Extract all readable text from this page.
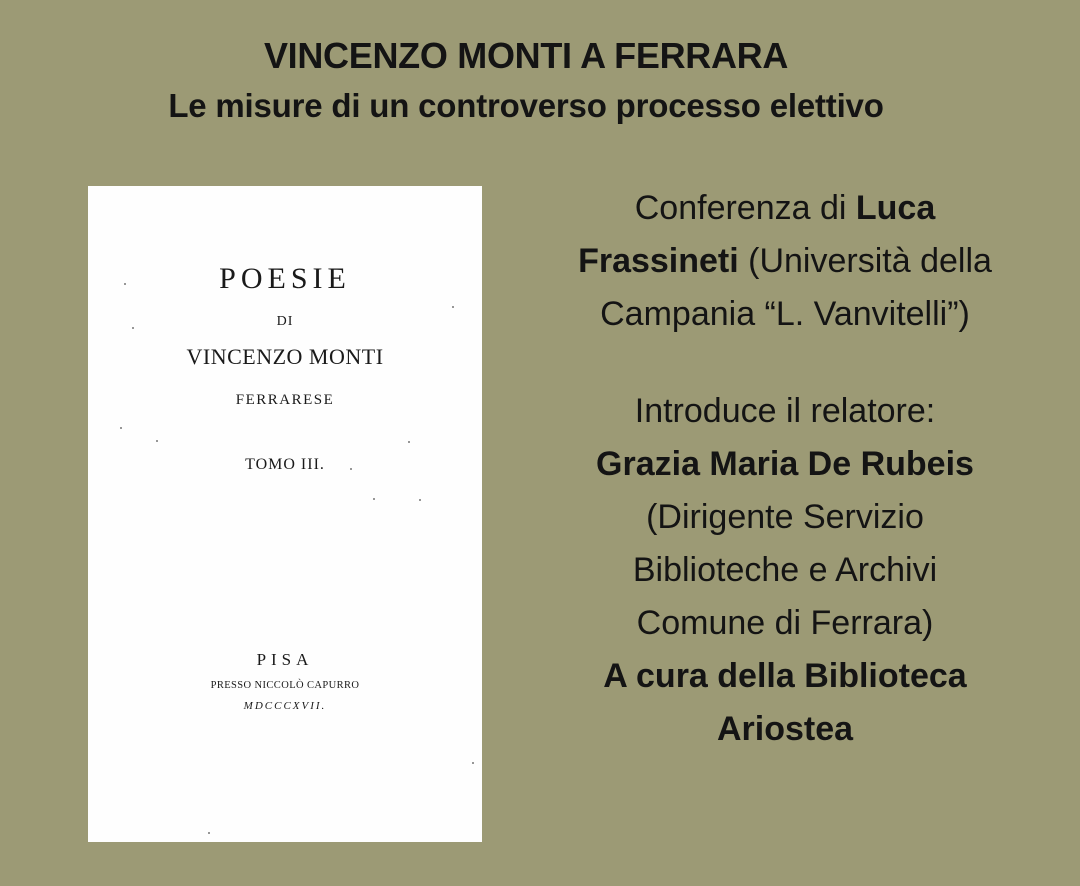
VINCENZO MONTI A FERRARA
Le misure di un controverso processo elettivo
POESIE
DI
VINCENZO MONTI
FERRARESE
TOMO III.
PISA
PRESSO NICCOLÒ CAPURRO
MDCCCXVII.
Conferenza di Luca
Frassineti (Università della
Campania “L. Vanvitelli”)
Introduce il relatore:
Grazia Maria De Rubeis
(Dirigente Servizio
Biblioteche e Archivi
Comune di Ferrara)
A cura della Biblioteca
Ariostea
